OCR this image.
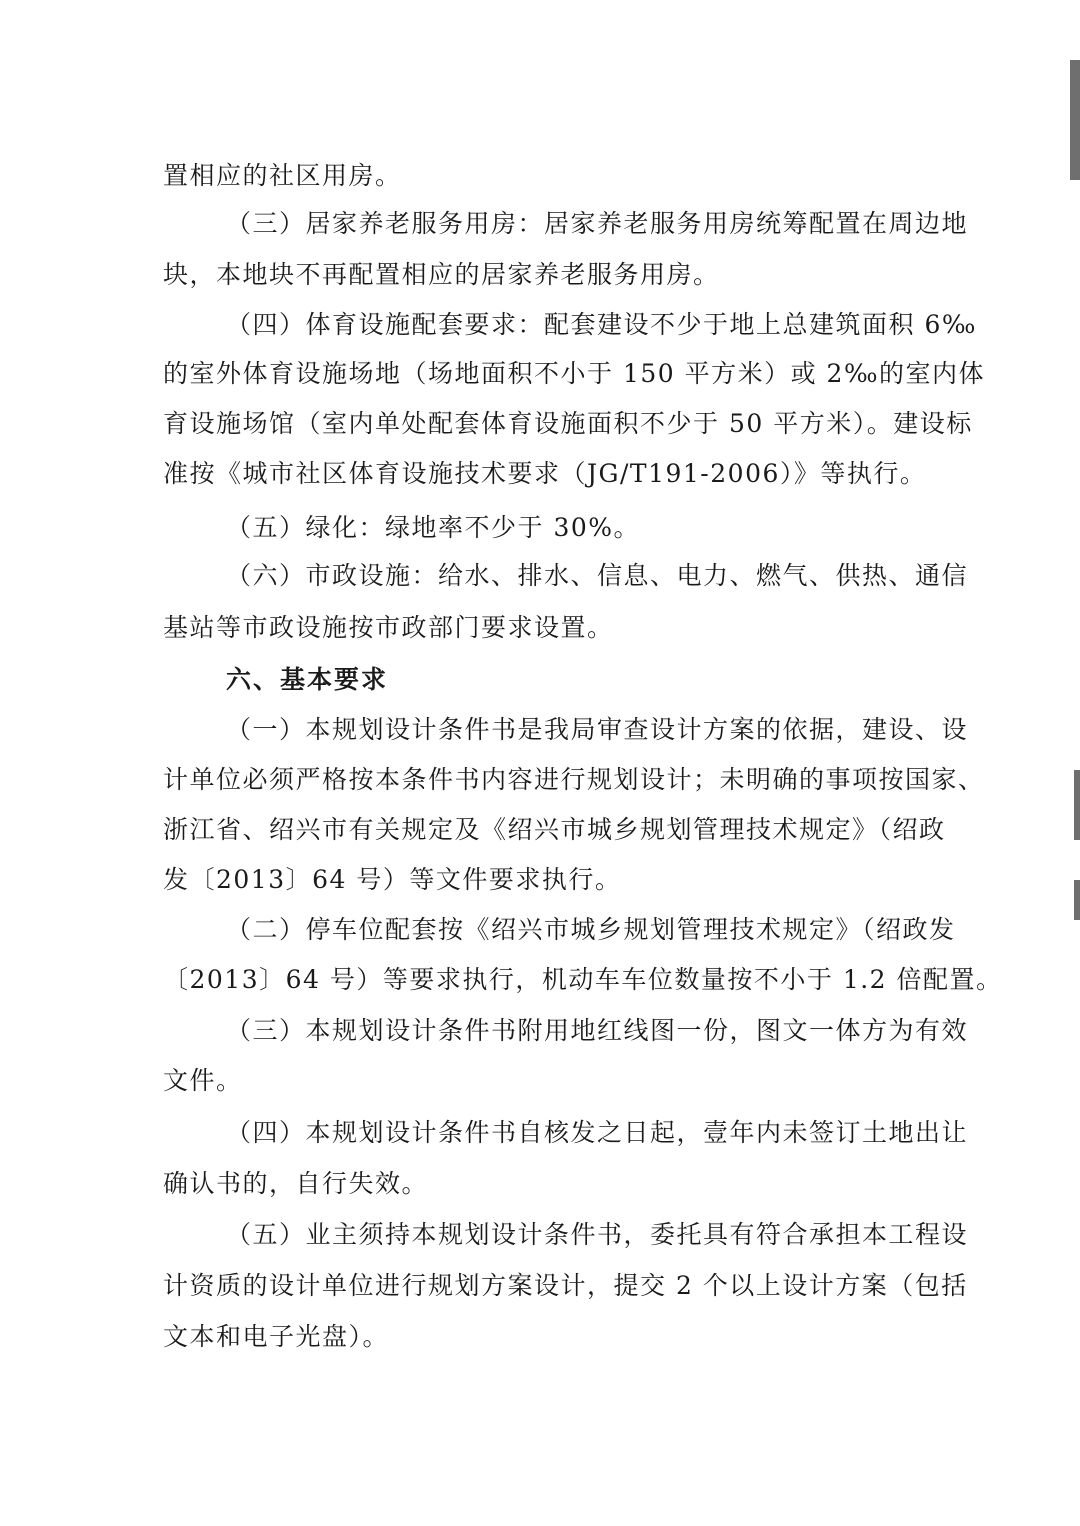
置相应的社区用房。
（三）居家养老服务用房：居家养老服务用房统筹配置在周边地
块，本地块不再配置相应的居家养老服务用房。
（四）体育设施配套要求：配套建设不少于地上总建筑面积 6‰
的室外体育设施场地（场地面积不小于 150 平方米）或 2‰的室内体
育设施场馆（室内单处配套体育设施面积不少于 50 平方米）。建设标
准按《城市社区体育设施技术要求（JG/T191-2006）》等执行。
（五）绿化：绿地率不少于 30%。
（六）市政设施：给水、排水、信息、电力、燃气、供热、通信
基站等市政设施按市政部门要求设置。
六、基本要求
（一）本规划设计条件书是我局审查设计方案的依据，建设、设
计单位必须严格按本条件书内容进行规划设计；未明确的事项按国家、
浙江省、绍兴市有关规定及《绍兴市城乡规划管理技术规定》（绍政
发〔2013〕64 号）等文件要求执行。
（二）停车位配套按《绍兴市城乡规划管理技术规定》（绍政发
〔2013〕64 号）等要求执行，机动车车位数量按不小于 1.2 倍配置。
（三）本规划设计条件书附用地红线图一份，图文一体方为有效
文件。
（四）本规划设计条件书自核发之日起，壹年内未签订土地出让
确认书的，自行失效。
（五）业主须持本规划设计条件书，委托具有符合承担本工程设
计资质的设计单位进行规划方案设计，提交 2 个以上设计方案（包括
文本和电子光盘）。
